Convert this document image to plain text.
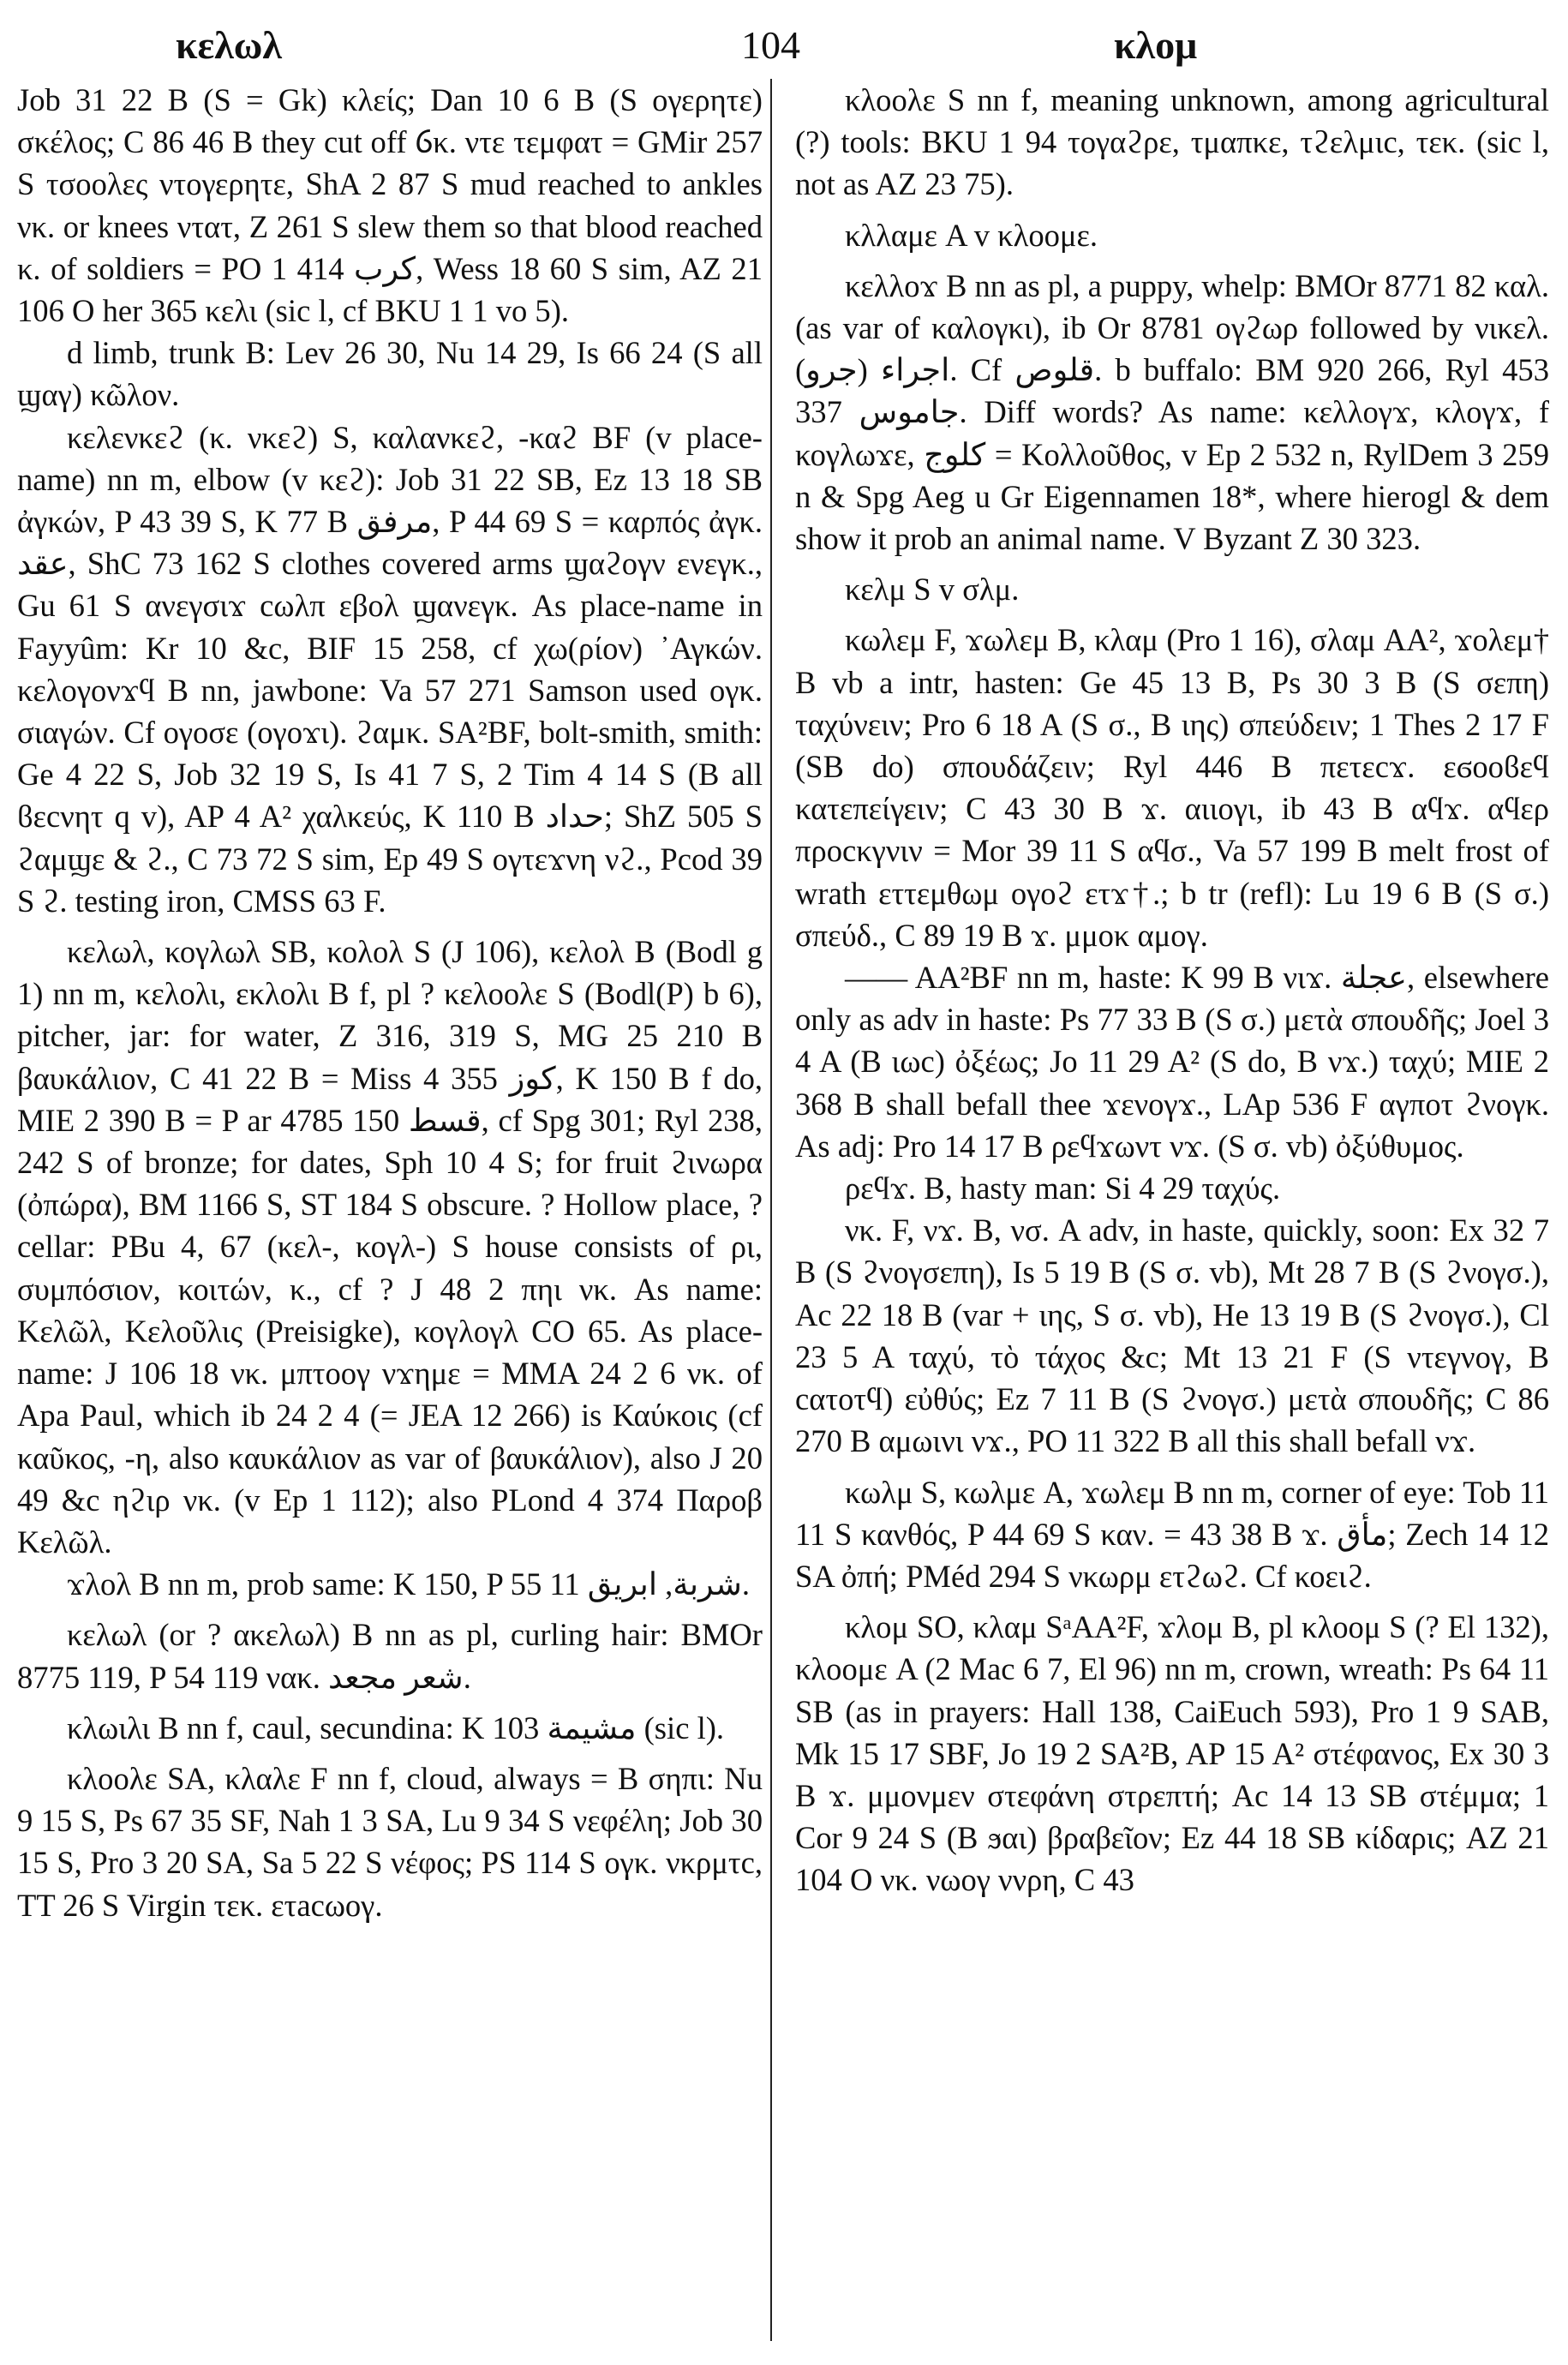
κελωλ	104	κλομ

Job 31 22 B (S = Gk) κλείς; Dan 10 6 B (S ογερητε) σκέλος; C 86 46 B they cut off ⳓκ. ντε τεμφατ = GMir 257 S τσοολες ντογερητε, ShA 2 87 S mud reached to ankles νκ. or knees ντατ, Z 261 S slew them so that blood reached κ. of soldiers = PO 1 414 كرب, Wess 18 60 S sim, AZ 21 106 O her 365 κελι (sic l, cf BKU 1 1 vo 5).

d limb, trunk B: Lev 26 30, Nu 14 29, Is 66 24 (S all ϣαγ) κῶλον.

κελενκεϩ (κ. νκεϩ) S, καλανκεϩ, -καϩ BF (v place-name) nn m, elbow (v κεϩ): Job 31 22 SB, Ez 13 18 SB ἀγκών, P 43 39 S, K 77 B مرفق, P 44 69 S = καρπός ἀγκ. عقد, ShC 73 162 S clothes covered arms ϣαϩογν ενεγκ., Gu 61 S ανεγσιϫ cωλπ εβολ ϣανεγκ. As place-name in Fayyûm: Kr 10 &c, BIF 15 258, cf χω(ρίον) ᾽Αγκών. κελογονϫϥ B nn, jawbone: Va 57 271 Samson used ογκ. σιαγών. Cf ογοσε (ογοϫι). ϩαμκ. SA²BF, bolt-smith, smith: Ge 4 22 S, Job 32 19 S, Is 41 7 S, 2 Tim 4 14 S (B all ϐεcνητ q v), AP 4 A² χαλκεύς, K 110 B حداد; ShZ 505 S ϩαμϣε & ϩ., C 73 72 S sim, Ep 49 S ογτεϫνη νϩ., Pcod 39 S ϩ. testing iron, CMSS 63 F.

κελωλ, κογλωλ SB, κολολ S (J 106), κελολ B (Bodl g 1) nn m, κελολι, εκλολι B f, pl ? κελοολε S (Bodl(P) b 6), pitcher, jar: for water, Z 316, 319 S, MG 25 210 B βαυκάλιον, C 41 22 B = Miss 4 355 كوز, K 150 B f do, MIE 2 390 B = P ar 4785 150 قسط, cf Spg 301; Ryl 238, 242 S of bronze; for dates, Sph 10 4 S; for fruit ϩινωρα (ὀπώρα), BM 1166 S, ST 184 S obscure. ? Hollow place, ? cellar: PBu 4, 67 (κελ-, κογλ-) S house consists of ρι, συμπόσιον, κοιτών, κ., cf ? J 48 2 πηι νκ. As name: Κελῶλ, Κελοῦλις (Preisigke), κογλογλ CO 65. As place-name: J 106 18 νκ. μπτοογ νϫημε = MMA 24 2 6 νκ. of Apa Paul, which ib 24 2 4 (= JEA 12 266) is Καύκοις (cf καῦκος, -η, also καυκάλιον as var of βαυκάλιον), also J 20 49 &c ηϩιρ νκ. (v Ep 1 112); also PLond 4 374 Παροβ Κελῶλ.

ϫλολ B nn m, prob same: K 150, P 55 11 شربة, ابريق.

κελωλ (or ? ακελωλ) B nn as pl, curling hair: BMOr 8775 119, P 54 119 νακ. شعر مجعد.

κλωιλι B nn f, caul, secundina: K 103 مشيمة (sic l).

κλοολε SA, κλαλε F nn f, cloud, always = B σηπι: Nu 9 15 S, Ps 67 35 SF, Nah 1 3 SA, Lu 9 34 S νεφέλη; Job 30 15 S, Pro 3 20 SA, Sa 5 22 S νέφος; PS 114 S ογκ. νκρμτc, TT 26 S Virgin τεκ. ετacωογ.

κλοολε S nn f, meaning unknown, among agricultural (?) tools: BKU 1 94 τογαϩρε, τμαπκε, τϩελμιc, τεκ. (sic l, not as AZ 23 75).

κλλαμε A v κλοομε.

κελλοϫ B nn as pl, a puppy, whelp: BMOr 8771 82 καλ. (as var of καλογκι), ib Or 8781 ογϩωρ followed by νικελ. اجراء (جرو). Cf قلوص. b buffalo: BM 920 266, Ryl 453 337 جاموس. Diff words? As name: κελλογϫ, κλογϫ, f κογλωϫε, كلوج = Κολλοῦθος, v Ep 2 532 n, RylDem 3 259 n & Spg Aeg u Gr Eigennamen 18*, where hierogl & dem show it prob an animal name. V Byzant Z 30 323.

κελμ S v σλμ.

κωλεμ F, ϫωλεμ B, κλαμ (Pro 1 16), σλαμ AA², ϫολεμ† B vb a intr, hasten: Ge 45 13 B, Ps 30 3 B (S σεπη) ταχύνειν; Pro 6 18 A (S σ., B ιης) σπεύδειν; 1 Thes 2 17 F (SB do) σπουδάζειν; Ryl 446 B πετεcϫ. εϭοοϐεϥ κατεπείγειν; C 43 30 B ϫ. αιιογι, ib 43 B αϥϫ. αϥερ προcκγνιν = Mor 39 11 S αϥσ., Va 57 199 B melt frost of wrath εττεμθωμ ογοϩ ετϫ†.; b tr (refl): Lu 19 6 B (S σ.) σπεύδ., C 89 19 B ϫ. μμοκ αμογ.

—— AA²BF nn m, haste: K 99 B νιϫ. عجلة, elsewhere only as adv in haste: Ps 77 33 B (S σ.) μετὰ σπουδῆς; Joel 3 4 A (B ιωc) ὀξέως; Jo 11 29 A² (S do, B νϫ.) ταχύ; MIE 2 368 B shall befall thee ϫενογϫ., LAp 536 F αγποτ ϩνογκ. As adj: Pro 14 17 B ρεϥϫωντ νϫ. (S σ. vb) ὀξύθυμος.

ρεϥϫ. B, hasty man: Si 4 29 ταχύς.

νκ. F, νϫ. B, νσ. A adv, in haste, quickly, soon: Ex 32 7 B (S ϩνογσεπη), Is 5 19 B (S σ. vb), Mt 28 7 B (S ϩνογσ.), Ac 22 18 B (var + ιης, S σ. vb), He 13 19 B (S ϩνογσ.), Cl 23 5 A ταχύ, τὸ τάχος &c; Mt 13 21 F (S ντεγνογ, B cατοτϥ) εὐθύς; Ez 7 11 B (S ϩνογσ.) μετὰ σπουδῆς; C 86 270 B αμωινι νϫ., PO 11 322 B all this shall befall νϫ.

κωλμ S, κωλμε A, ϫωλεμ B nn m, corner of eye: Tob 11 11 S κανθός, P 44 69 S καν. = 43 38 B ϫ. مأق; Zech 14 12 SA ὀπή; PMéd 294 S νκωρμ ετϩωϩ. Cf κοειϩ.

κλομ SO, κλαμ SᵃAA²F, ϫλομ B, pl κλοομ S (? El 132), κλοομε A (2 Mac 6 7, El 96) nn m, crown, wreath: Ps 64 11 SB (as in prayers: Hall 138, CaiEuch 593), Pro 1 9 SAB, Mk 15 17 SBF, Jo 19 2 SA²B, AP 15 A² στέφανος, Ex 30 3 B ϫ. μμονμεν στεφάνη στρεπτή; Ac 14 13 SB στέμμα; 1 Cor 9 24 S (B ϧαι) βραβεῖον; Ez 44 18 SB κίδαρις; AZ 21 104 O νκ. νωογ ννρη, C 43
